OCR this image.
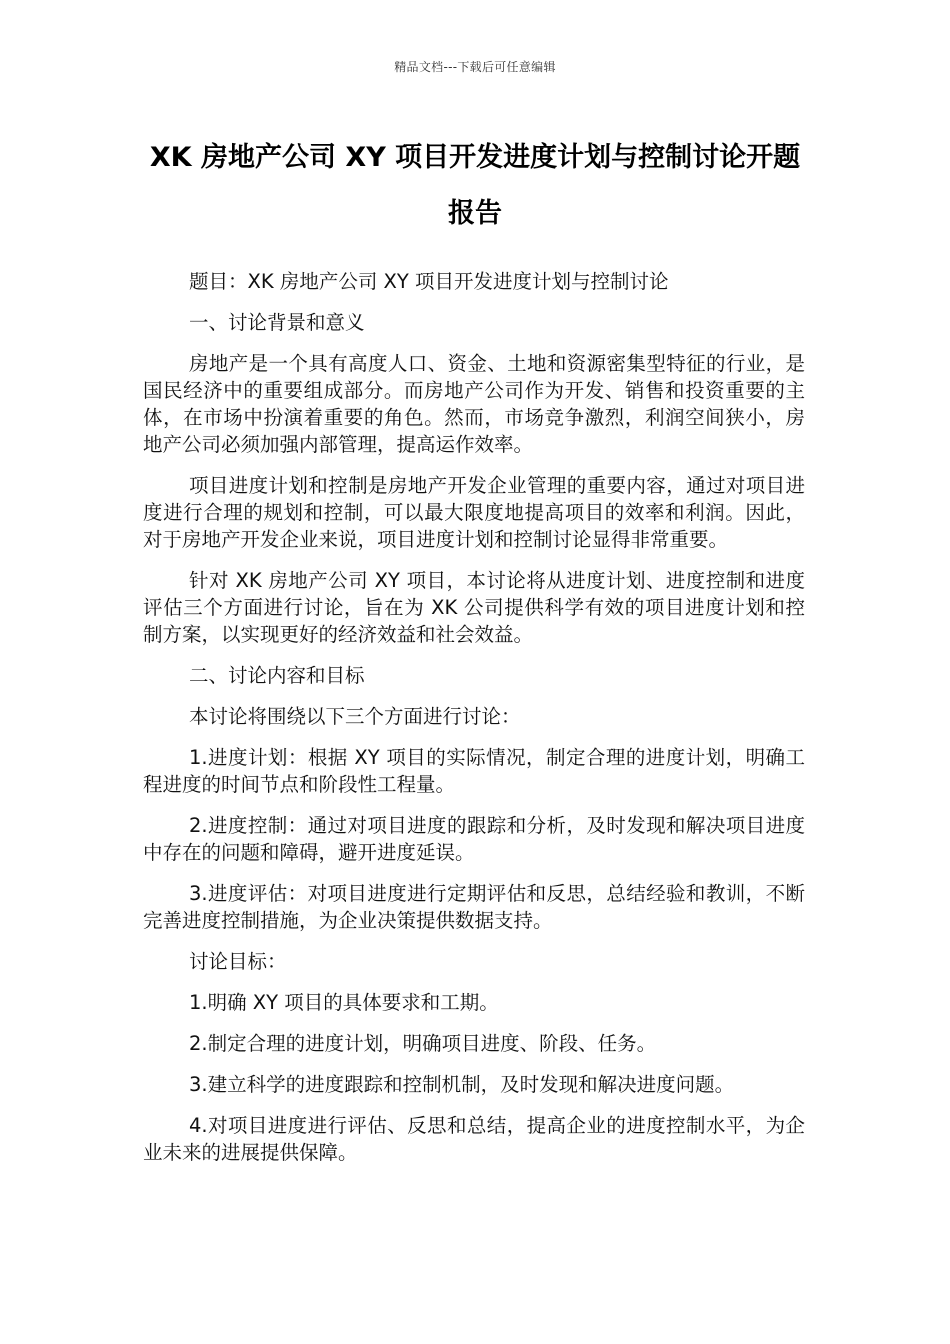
精品文档---下载后可任意编辑
XK 房地产公司 XY 项目开发进度计划与控制讨论开题报告

题目：XK 房地产公司 XY 项目开发进度计划与控制讨论

一、讨论背景和意义

房地产是一个具有高度人口、资金、土地和资源密集型特征的行业，是国民经济中的重要组成部分。而房地产公司作为开发、销售和投资重要的主体，在市场中扮演着重要的角色。然而，市场竞争激烈，利润空间狭小，房地产公司必须加强内部管理，提高运作效率。

项目进度计划和控制是房地产开发企业管理的重要内容，通过对项目进度进行合理的规划和控制，可以最大限度地提高项目的效率和利润。因此，对于房地产开发企业来说，项目进度计划和控制讨论显得非常重要。

针对 XK 房地产公司 XY 项目，本讨论将从进度计划、进度控制和进度评估三个方面进行讨论，旨在为 XK 公司提供科学有效的项目进度计划和控制方案，以实现更好的经济效益和社会效益。

二、讨论内容和目标

本讨论将围绕以下三个方面进行讨论：

1.进度计划：根据 XY 项目的实际情况，制定合理的进度计划，明确工程进度的时间节点和阶段性工程量。

2.进度控制：通过对项目进度的跟踪和分析，及时发现和解决项目进度中存在的问题和障碍，避开进度延误。

3.进度评估：对项目进度进行定期评估和反思，总结经验和教训，不断完善进度控制措施，为企业决策提供数据支持。

讨论目标：

1.明确 XY 项目的具体要求和工期。

2.制定合理的进度计划，明确项目进度、阶段、任务。

3.建立科学的进度跟踪和控制机制，及时发现和解决进度问题。

4.对项目进度进行评估、反思和总结，提高企业的进度控制水平，为企业未来的进展提供保障。
